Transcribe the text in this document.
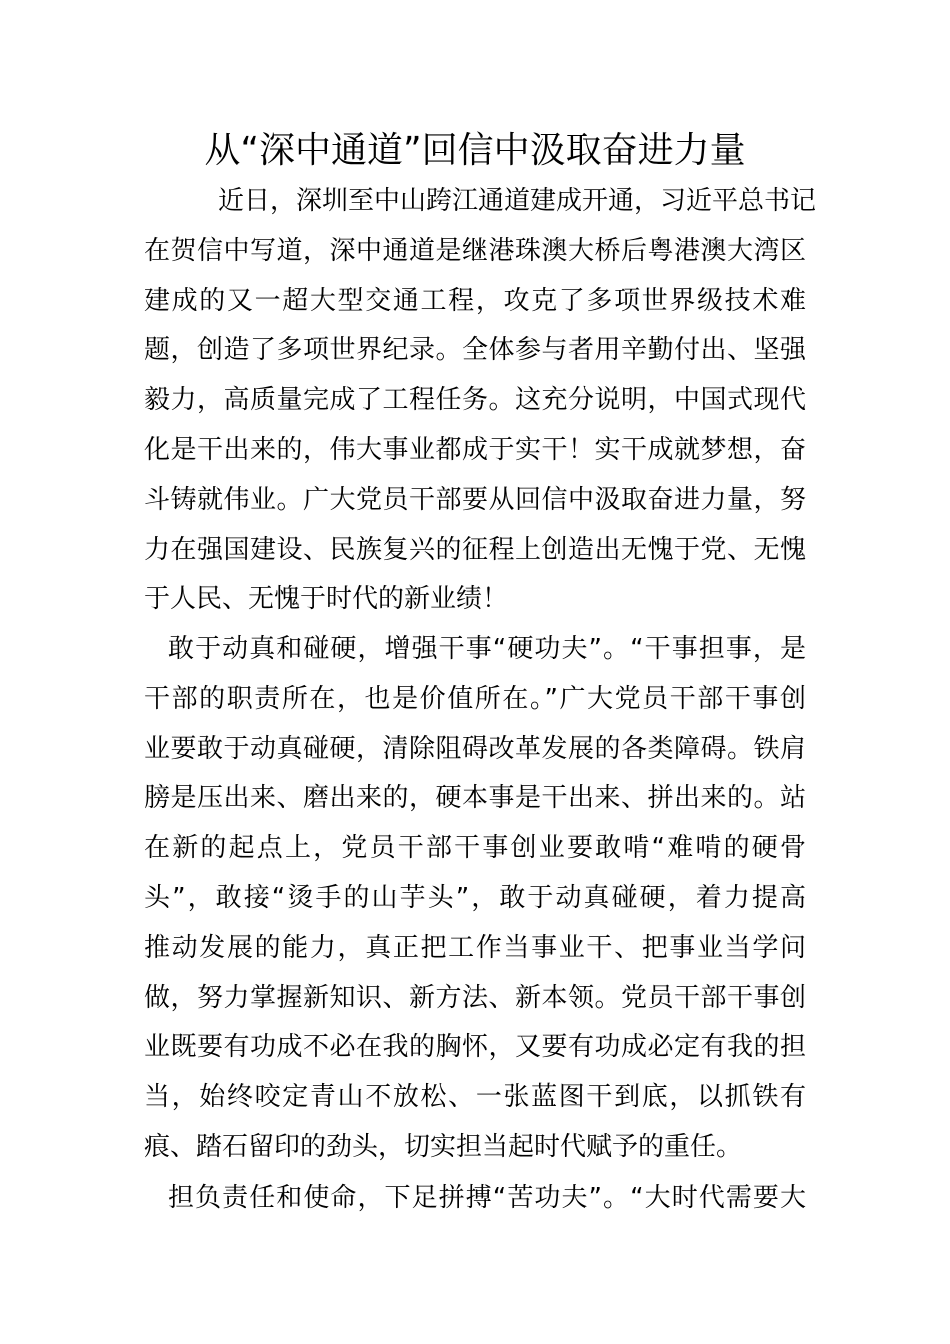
从“深中通道”回信中汲取奋进力量
近日，深圳至中山跨江通道建成开通，习近平总书记
在贺信中写道，深中通道是继港珠澳大桥后粤港澳大湾区
建成的又一超大型交通工程，攻克了多项世界级技术难
题，创造了多项世界纪录。全体参与者用辛勤付出、坚强
毅力，高质量完成了工程任务。这充分说明，中国式现代
化是干出来的，伟大事业都成于实干！实干成就梦想，奋
斗铸就伟业。广大党员干部要从回信中汲取奋进力量，努
力在强国建设、民族复兴的征程上创造出无愧于党、无愧
于人民、无愧于时代的新业绩！
敢于动真和碰硬，增强干事“硬功夫”。“干事担事，是
干部的职责所在，也是价值所在。”广大党员干部干事创
业要敢于动真碰硬，清除阻碍改革发展的各类障碍。铁肩
膀是压出来、磨出来的，硬本事是干出来、拼出来的。站
在新的起点上，党员干部干事创业要敢啃“难啃的硬骨
头”，敢接“烫手的山芋头”，敢于动真碰硬，着力提高
推动发展的能力，真正把工作当事业干、把事业当学问
做，努力掌握新知识、新方法、新本领。党员干部干事创
业既要有功成不必在我的胸怀，又要有功成必定有我的担
当，始终咬定青山不放松、一张蓝图干到底，以抓铁有
痕、踏石留印的劲头，切实担当起时代赋予的重任。
担负责任和使命，下足拼搏“苦功夫”。“大时代需要大
